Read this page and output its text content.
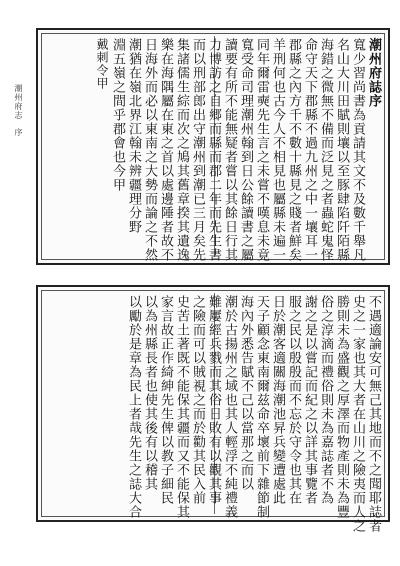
潮州府志
序
潮州府誌序
寬少習尚書為貢請其文不及數千舉凡
名山大川田賦則壤以至豚肆陷阡陌縣
海錯之微無不備而泛見之者蟲蛇鬼怪
命守天下郡縣不過九州之中一壤耳一
郡縣之內方千不數十縣見之賤者鮮矣
羊刑何也古今人不相見也屬縣未遍一
同年爾雷奭先生言之未嘗不嘆息未竟
寬受命司理潮州翰到日公餘讀書之屬
讀要有所不能無疑者嘗以其餘日行其
力博訪之自郷而縣而郡二年而先生書
而以刑部郎出守潮州到潮已三月矣先
集諸儒生綜而次之鳩其舊章揆其遺逸
樂在海隅屬在東之首以處邊陲者故不
日海外而必以東南之大勢而論之不然
潮猶在嶺北界江翰未辨疆理分野
淵五嶺之間乎郡會也今甲
戴刺令甲
不遇適論安可無己其地而不之聞耶誌者
史之一家也其大者在山川之險夷而人之
勝則未為盛觀之厚澤而物產則未為豐
俗之淳滴而禮俗則未為嘉誌者不為
謝之是以嘗記而紀之以詳其事覽者
服之民以殷殷而不忘於守令也其在
日於潮客適關海潮池昇兵變遭處此
天子顧念東南爾兹命卒壞前下雜節制
海內外悉告賦不己以當那之而以
潮於古揚州之域也其人輕浮不純禮義
難屢經兵戮而其俗日敗有以觀其事
之險而可以賊視之而於勸其民入前
史苦土著既不能保其疆而又不能保其
家言故正作綺紳先生俾以教子細民
以為州縣長者也使其後有以稽其
以勵於是章為民上者哉先生之誌大合
